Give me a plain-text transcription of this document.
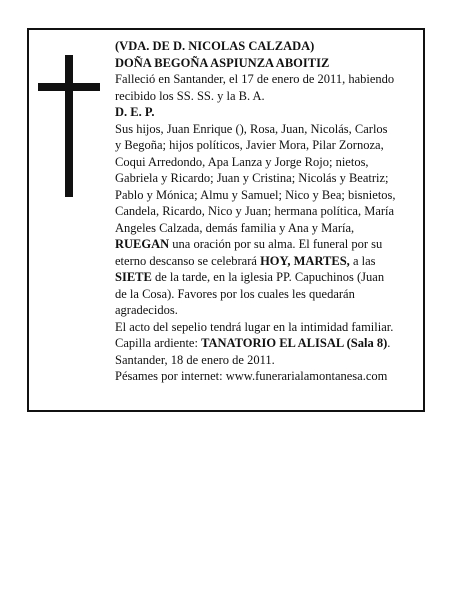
(VDA. DE D. NICOLAS CALZADA)
DOÑA BEGOÑA ASPIUNZA ABOITIZ
Falleció en Santander, el 17 de enero de 2011, habiendo
recibido los SS. SS. y la B. A.
D. E. P.
Sus hijos, Juan Enrique (), Rosa, Juan, Nicolás, Carlos
y Begoña; hijos políticos, Javier Mora, Pilar Zornoza,
Coqui Arredondo, Apa Lanza y Jorge Rojo; nietos,
Gabriela y Ricardo; Juan y Cristina; Nicolás y Beatriz;
Pablo y Mónica; Almu y Samuel; Nico y Bea; bisnietos,
Candela, Ricardo, Nico y Juan; hermana política, María
Angeles Calzada, demás familia y Ana y María,
RUEGAN una oración por su alma. El funeral por su
eterno descanso se celebrará HOY, MARTES, a las
SIETE de la tarde, en la iglesia PP. Capuchinos (Juan
de la Cosa). Favores por los cuales les quedarán
agradecidos.
El acto del sepelio tendrá lugar en la intimidad familiar.
Capilla ardiente: TANATORIO EL ALISAL (Sala 8).
Santander, 18 de enero de 2011.
Pésames por internet: www.funerarialamontanesa.com
